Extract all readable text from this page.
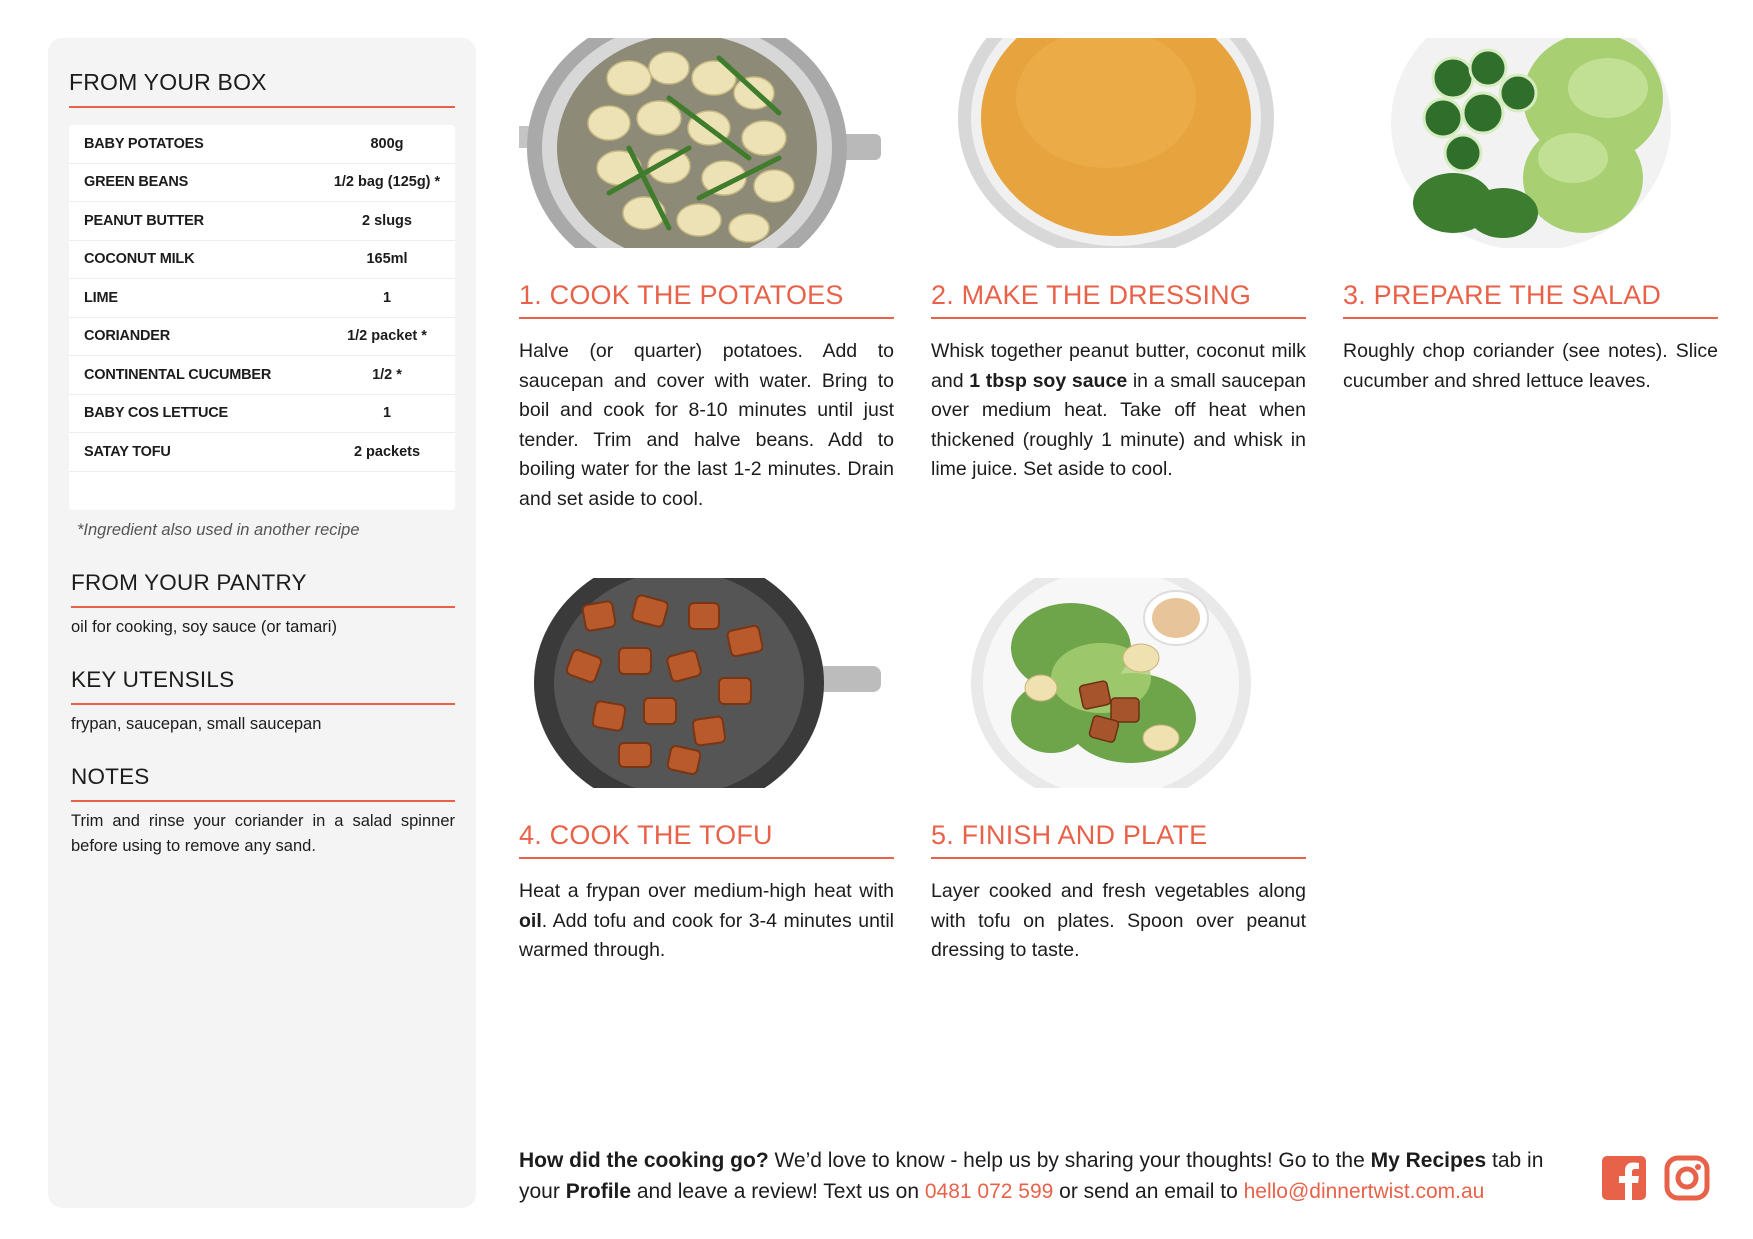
FROM YOUR BOX
BABY POTATOES	800g
GREEN BEANS	1/2 bag (125g) *
PEANUT BUTTER	2 slugs
COCONUT MILK	165ml
LIME	1
CORIANDER	1/2 packet *
CONTINENTAL CUCUMBER	1/2 *
BABY COS LETTUCE	1
SATAY TOFU	2 packets
*Ingredient also used in another recipe
FROM YOUR PANTRY
oil for cooking, soy sauce (or tamari)
KEY UTENSILS
frypan, saucepan, small saucepan
NOTES
Trim and rinse your coriander in a salad spinner before using to remove any sand.
1. COOK THE POTATOES
Halve (or quarter) potatoes. Add to saucepan and cover with water. Bring to boil and cook for 8-10 minutes until just tender. Trim and halve beans. Add to boiling water for the last 1-2 minutes. Drain and set aside to cool.
2. MAKE THE DRESSING
Whisk together peanut butter, coconut milk and 1 tbsp soy sauce in a small saucepan over medium heat. Take off heat when thickened (roughly 1 minute) and whisk in lime juice. Set aside to cool.
3. PREPARE THE SALAD
Roughly chop coriander (see notes). Slice cucumber and shred lettuce leaves.
4. COOK THE TOFU
Heat a frypan over medium-high heat with oil. Add tofu and cook for 3-4 minutes until warmed through.
5. FINISH AND PLATE
Layer cooked and fresh vegetables along with tofu on plates. Spoon over peanut dressing to taste.
How did the cooking go? We’d love to know - help us by sharing your thoughts! Go to the My Recipes tab in your Profile and leave a review! Text us on 0481 072 599 or send an email to hello@dinnertwist.com.au
